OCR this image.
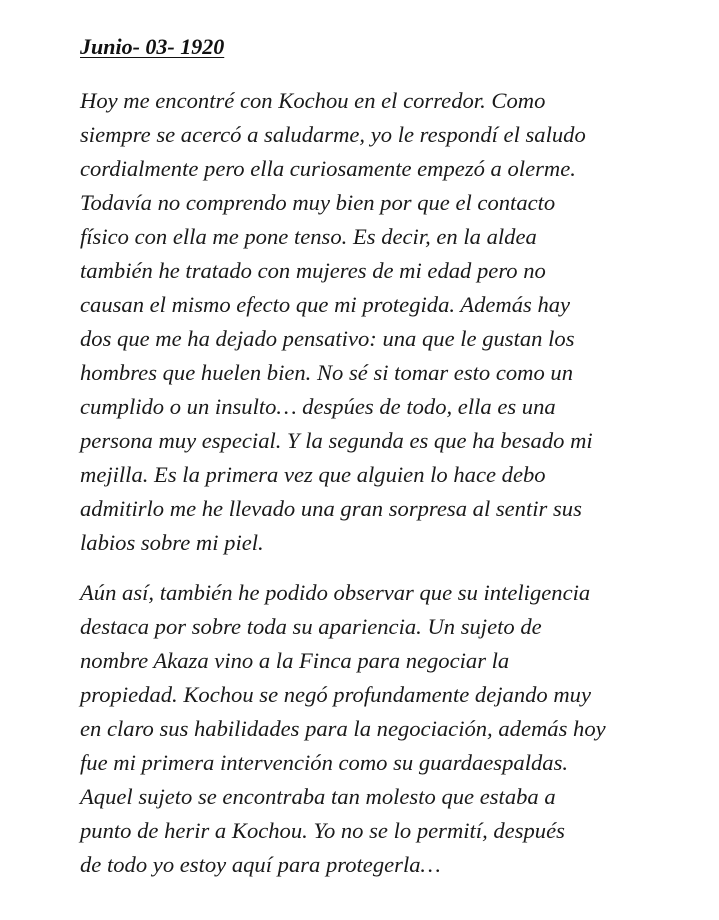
Junio- 03- 1920

Hoy me encontré con Kochou en el corredor. Como
siempre se acercó a saludarme, yo le respondí el saludo
cordialmente pero ella curiosamente empezó a olerme.
Todavía no comprendo muy bien por que el contacto
físico con ella me pone tenso. Es decir, en la aldea
también he tratado con mujeres de mi edad pero no
causan el mismo efecto que mi protegida. Además hay
dos que me ha dejado pensativo: una que le gustan los
hombres que huelen bien. No sé si tomar esto como un
cumplido o un insulto… despúes de todo, ella es una
persona muy especial. Y la segunda es que ha besado mi
mejilla. Es la primera vez que alguien lo hace debo
admitirlo me he llevado una gran sorpresa al sentir sus
labios sobre mi piel.

Aún así, también he podido observar que su inteligencia
destaca por sobre toda su apariencia. Un sujeto de
nombre Akaza vino a la Finca para negociar la
propiedad. Kochou se negó profundamente dejando muy
en claro sus habilidades para la negociación, además hoy
fue mi primera intervención como su guardaespaldas.
Aquel sujeto se encontraba tan molesto que estaba a
punto de herir a Kochou. Yo no se lo permití, después
de todo yo estoy aquí para protegerla…
